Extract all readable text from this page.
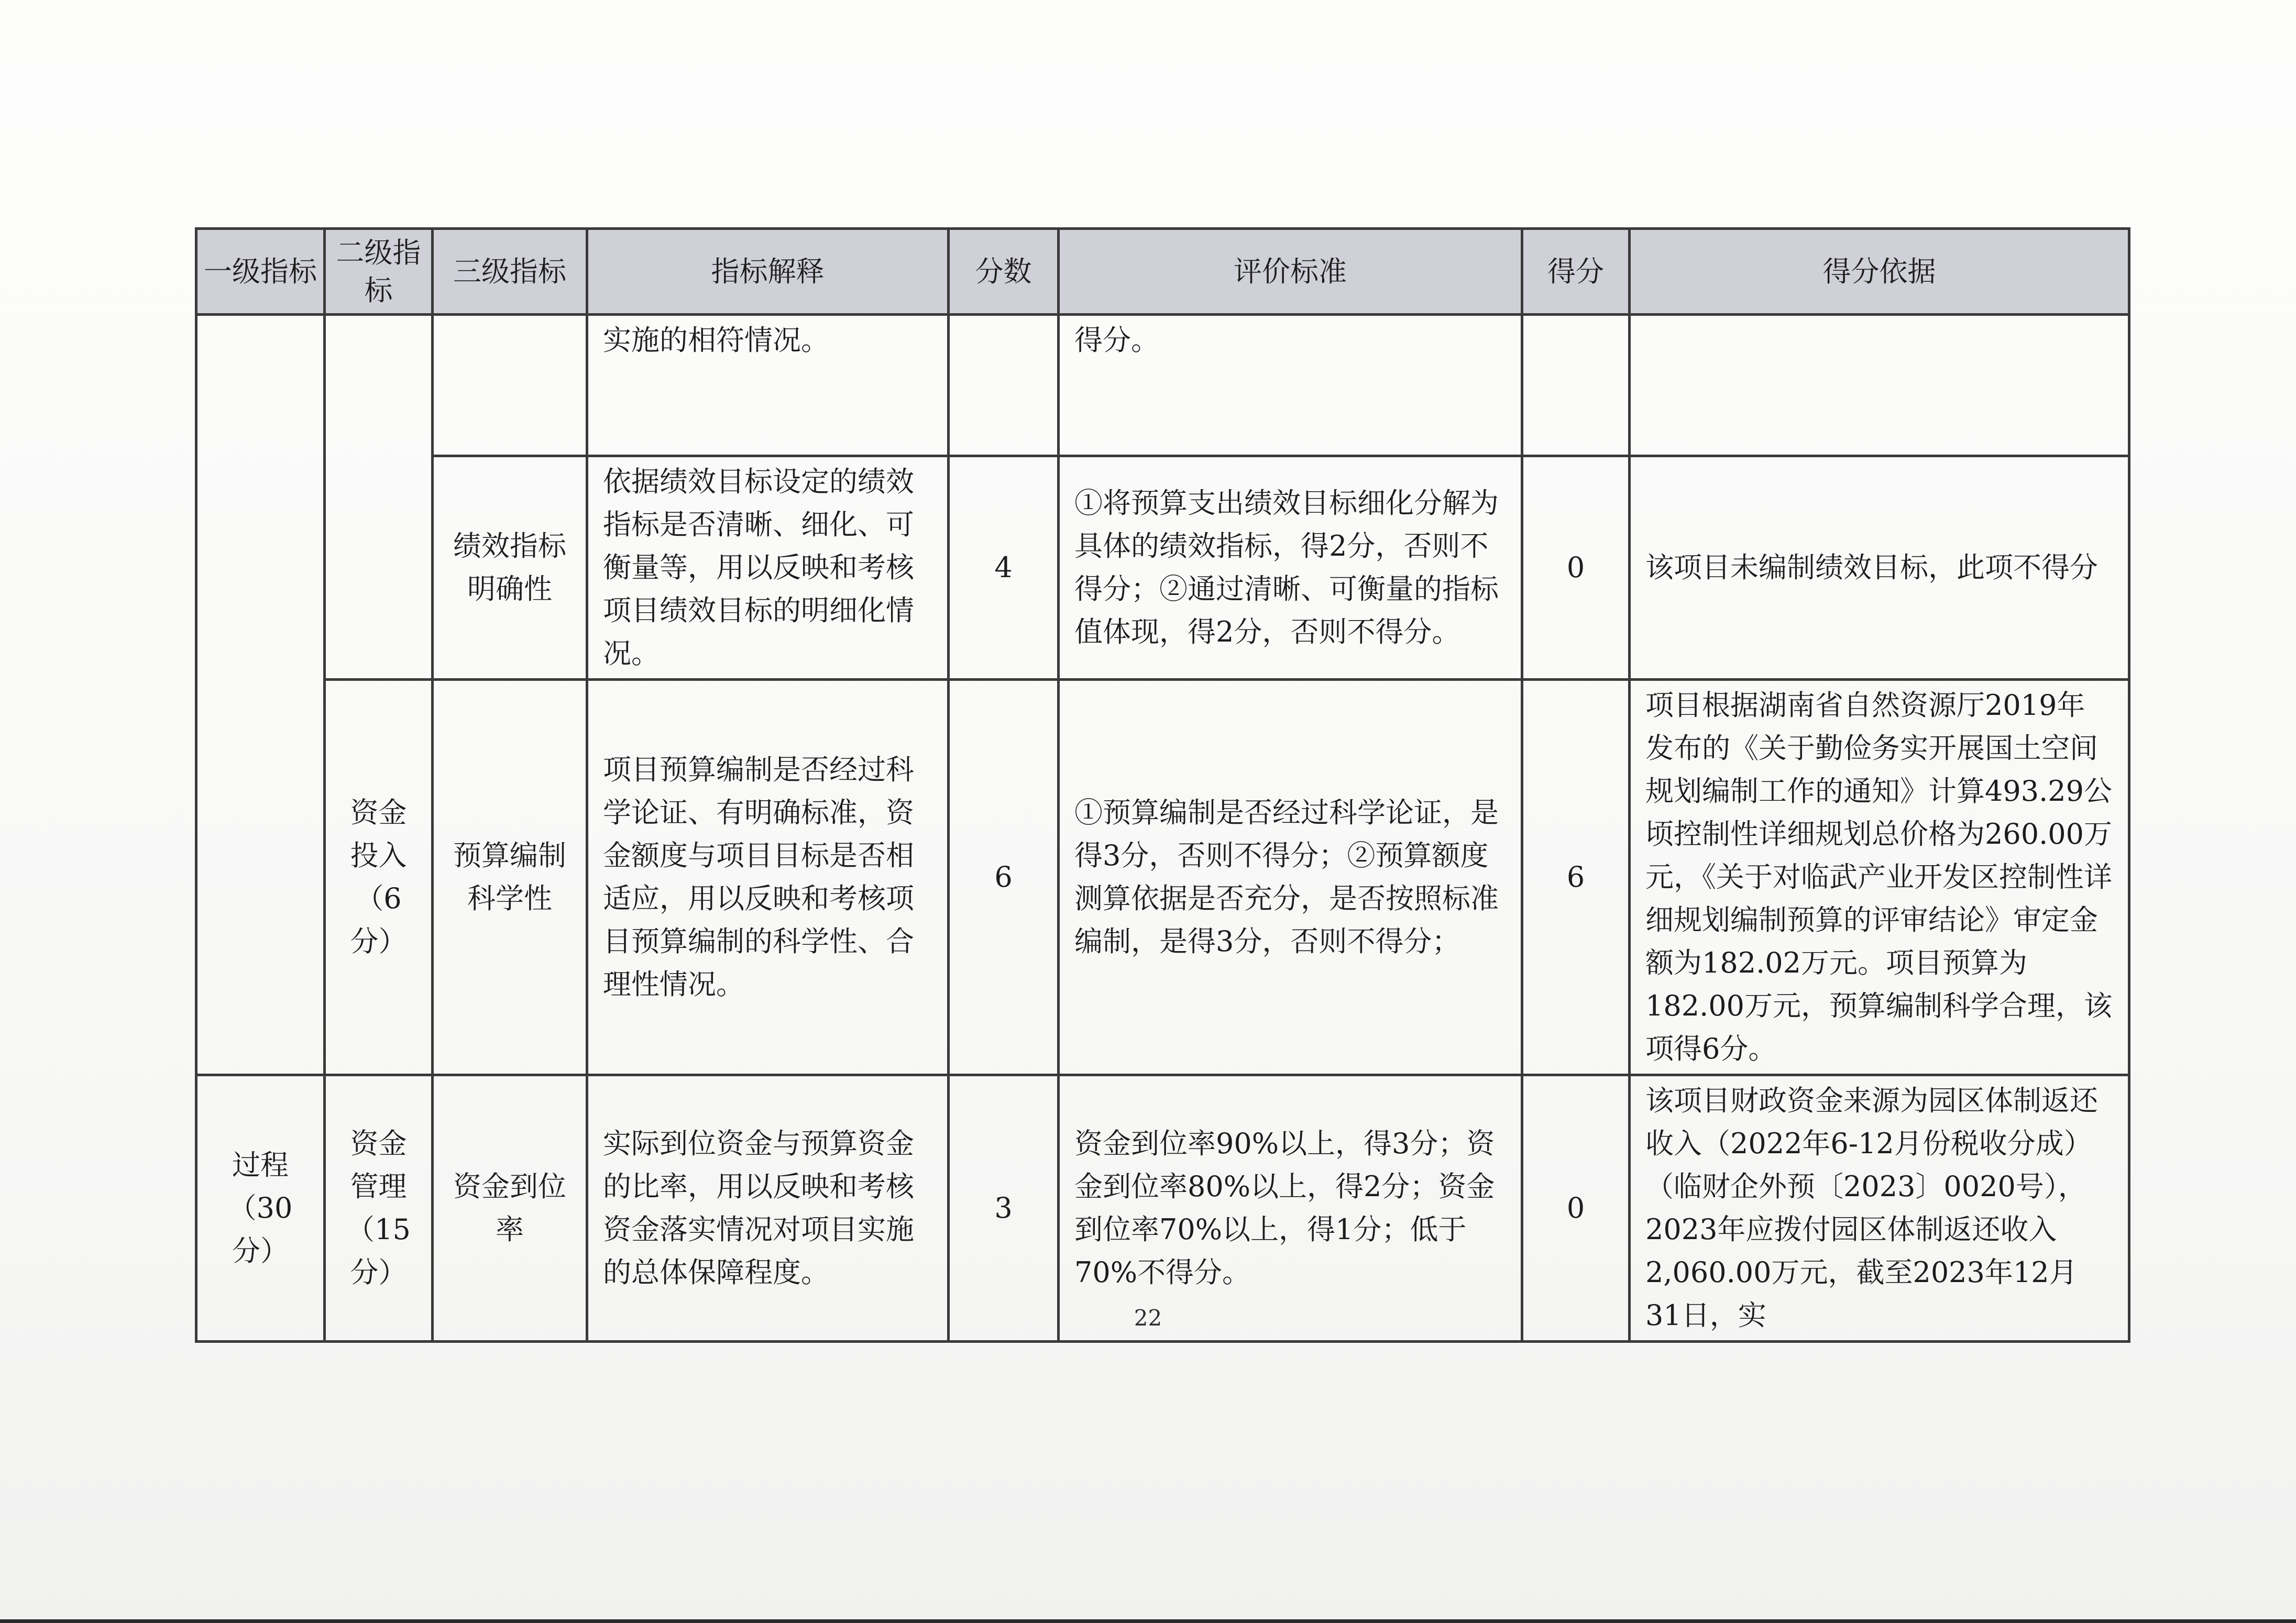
一级指标	二级指标	三级指标	指标解释	分数	评价标准	得分	得分依据
			实施的相符情况。		得分。		
		绩效指标明确性	依据绩效目标设定的绩效指标是否清晰、细化、可衡量等，用以反映和考核项目绩效目标的明细化情况。	4	①将预算支出绩效目标细化分解为具体的绩效指标，得2分，否则不得分；②通过清晰、可衡量的指标值体现，得2分，否则不得分。	0	该项目未编制绩效目标，此项不得分
	资金投入（6分）	预算编制科学性	项目预算编制是否经过科学论证、有明确标准，资金额度与项目目标是否相适应，用以反映和考核项目预算编制的科学性、合理性情况。	6	①预算编制是否经过科学论证，是得3分，否则不得分；②预算额度测算依据是否充分，是否按照标准编制，是得3分，否则不得分；	6	项目根据湖南省自然资源厅2019年发布的《关于勤俭务实开展国土空间规划编制工作的通知》计算493.29公顷控制性详细规划总价格为260.00万元，《关于对临武产业开发区控制性详细规划编制预算的评审结论》审定金额为182.02万元。项目预算为182.00万元，预算编制科学合理，该项得6分。
过程（30分）	资金管理（15分）	资金到位率	实际到位资金与预算资金的比率，用以反映和考核资金落实情况对项目实施的总体保障程度。	3	资金到位率90%以上，得3分；资金到位率80%以上，得2分；资金到位率70%以上，得1分；低于70%不得分。	0	该项目财政资金来源为园区体制返还收入（2022年6-12月份税收分成）（临财企外预〔2023〕0020号），2023年应拨付园区体制返还收入2,060.00万元，截至2023年12月31日，实
22
